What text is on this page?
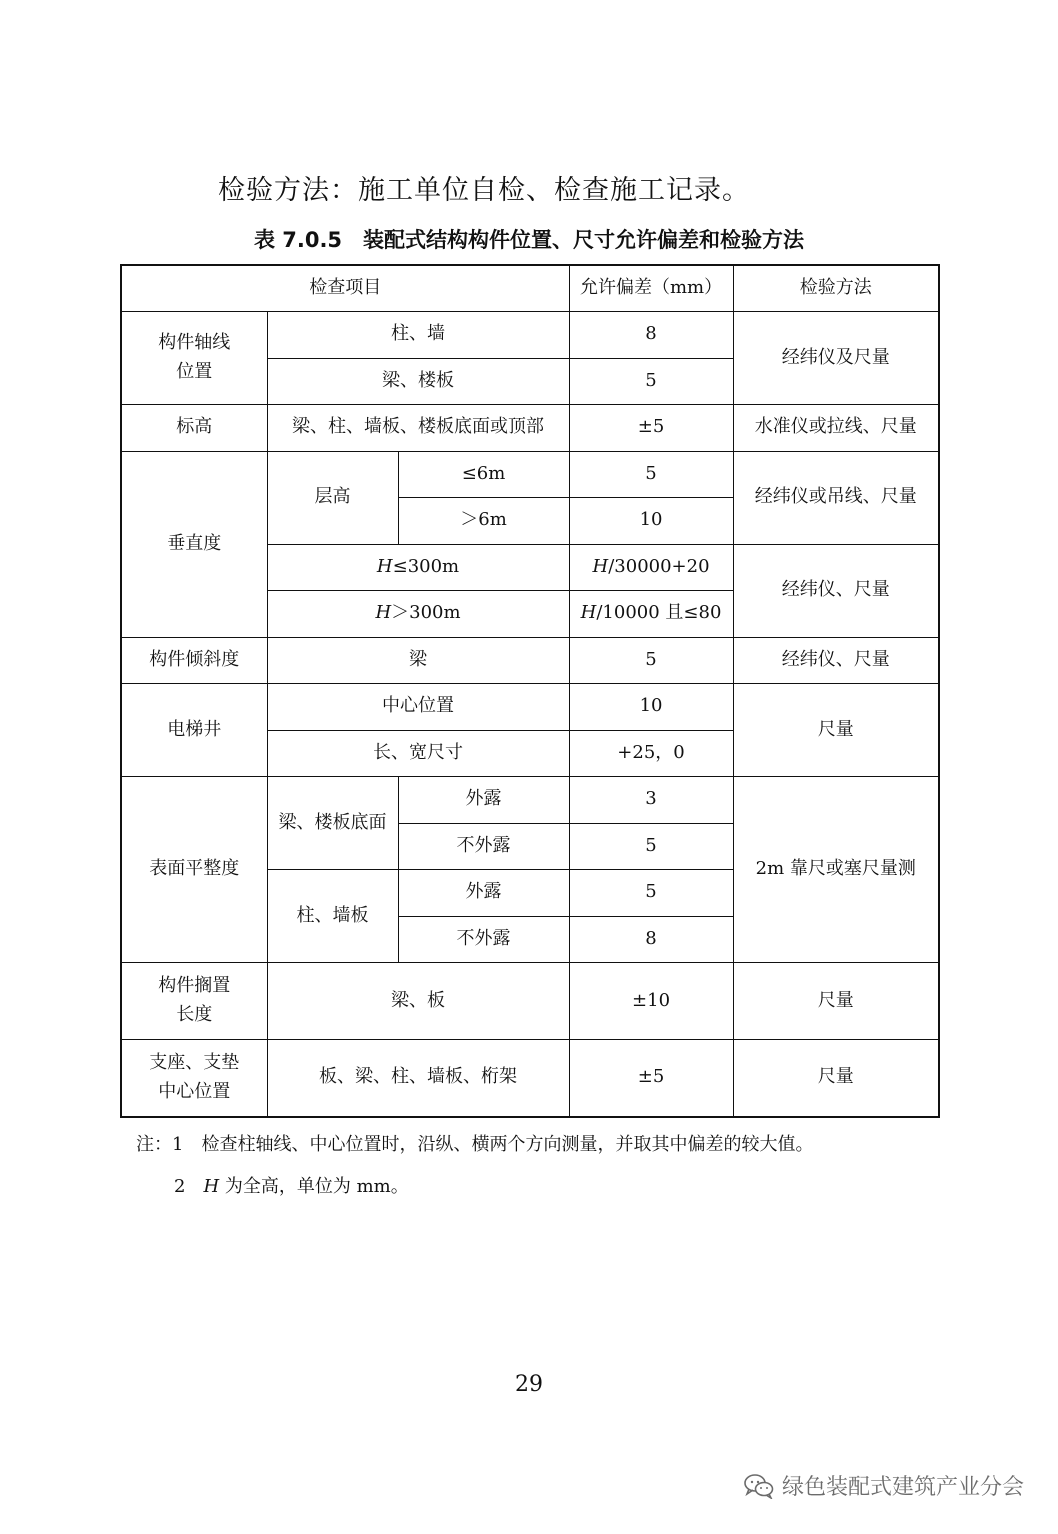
检验方法：施工单位自检、检查施工记录。
表 7.0.5　装配式结构构件位置、尺寸允许偏差和检验方法
检查项目			允许偏差（mm）	检验方法
构件轴线
位置	柱、墙		8	经纬仪及尺量
	梁、楼板		5	
标高	梁、柱、墙板、楼板底面或顶部		±5	水准仪或拉线、尺量
垂直度	层高	≤6m	5	经纬仪或吊线、尺量
		＞6m	10	
	H≤300m		H/30000+20	经纬仪、尺量
	H＞300m		H/10000 且≤80	
构件倾斜度	梁		5	经纬仪、尺量
电梯井	中心位置		10	尺量
	长、宽尺寸		+25，0	
表面平整度	梁、楼板底面	外露	3	2m 靠尺或塞尺量测
		不外露	5	
	柱、墙板	外露	5	
		不外露	8	
构件搁置
长度	梁、板		±10	尺量
支座、支垫
中心位置	板、梁、柱、墙板、桁架		±5	尺量
注：1 检查柱轴线、中心位置时，沿纵、横两个方向测量，并取其中偏差的较大值。
2 H 为全高，单位为 mm。
29
绿色装配式建筑产业分会
